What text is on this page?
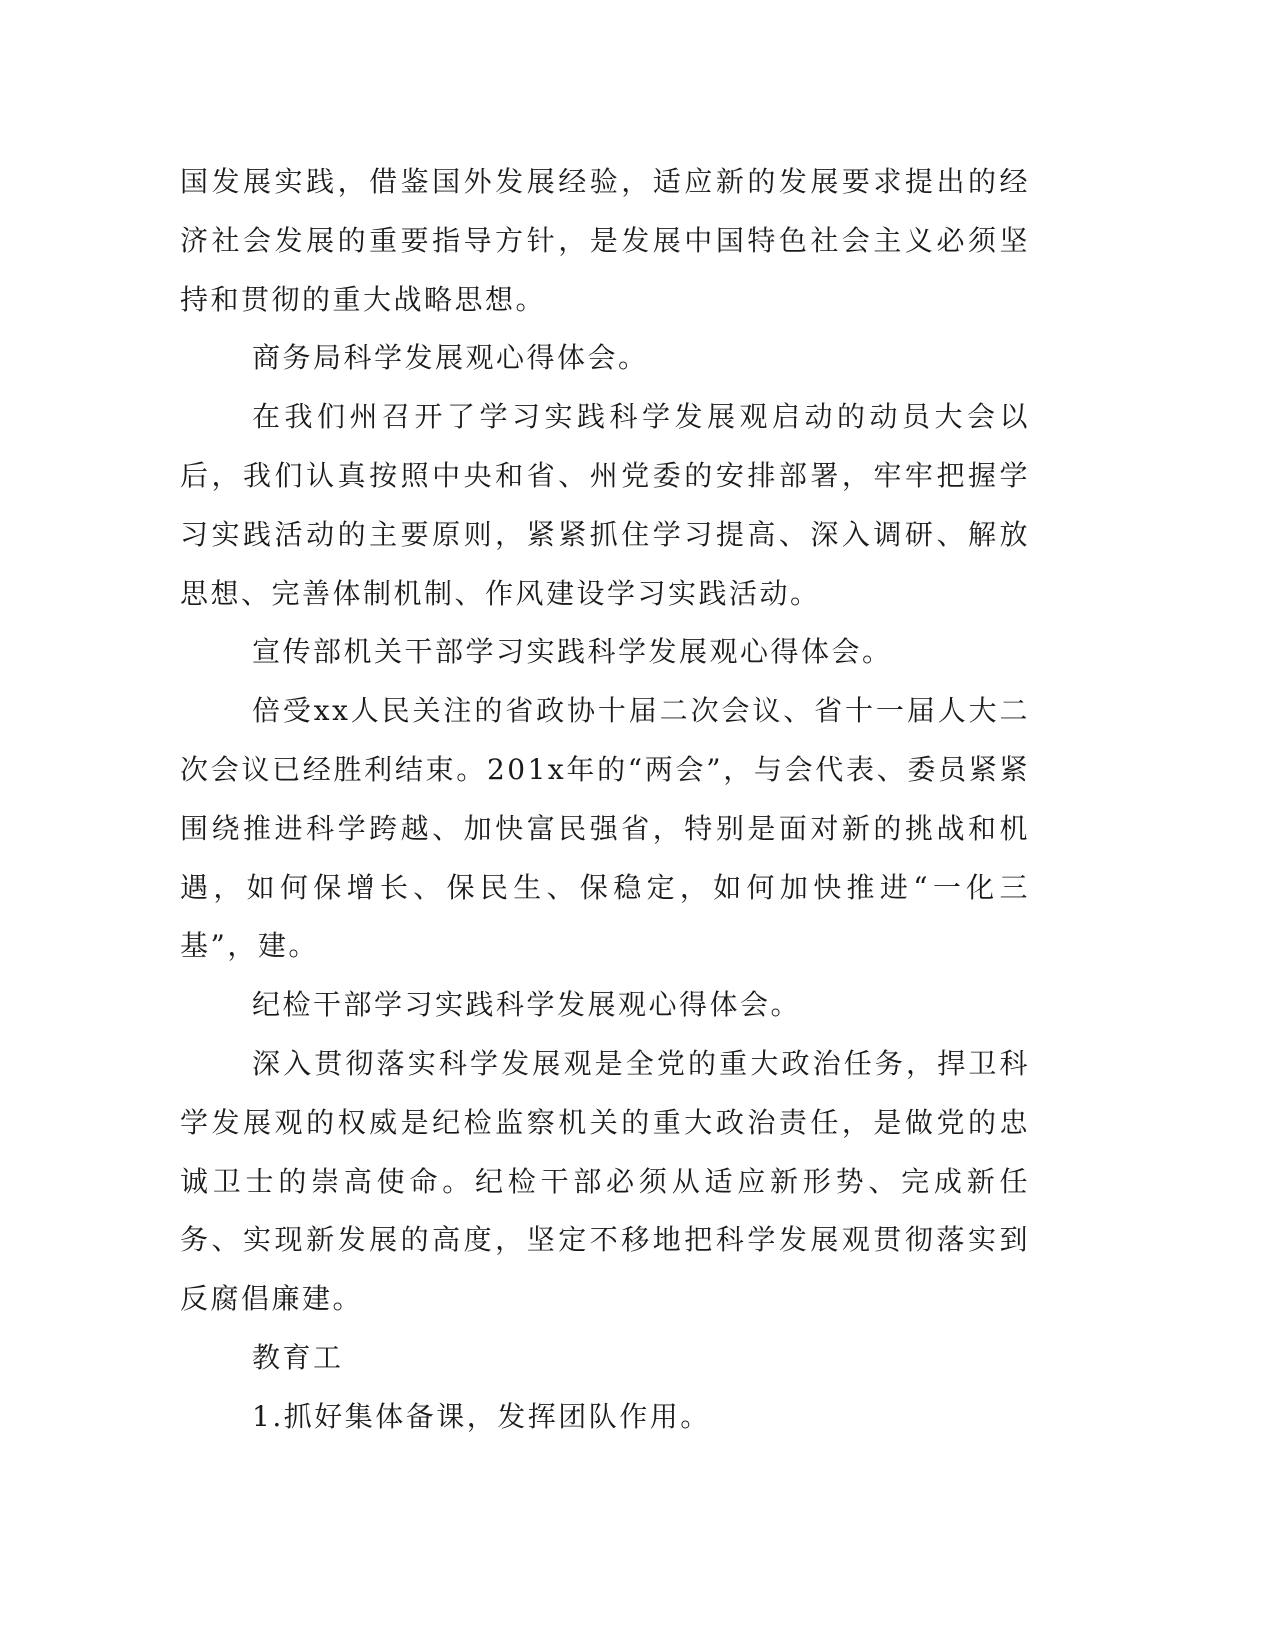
国发展实践，借鉴国外发展经验，适应新的发展要求提出的经济社会发展的重要指导方针，是发展中国特色社会主义必须坚持和贯彻的重大战略思想。

商务局科学发展观心得体会。

在我们州召开了学习实践科学发展观启动的动员大会以后，我们认真按照中央和省、州党委的安排部署，牢牢把握学习实践活动的主要原则，紧紧抓住学习提高、深入调研、解放思想、完善体制机制、作风建设学习实践活动。

宣传部机关干部学习实践科学发展观心得体会。

倍受xx人民关注的省政协十届二次会议、省十一届人大二次会议已经胜利结束。201x年的“两会”，与会代表、委员紧紧围绕推进科学跨越、加快富民强省，特别是面对新的挑战和机遇，如何保增长、保民生、保稳定，如何加快推进“一化三基”，建。

纪检干部学习实践科学发展观心得体会。

深入贯彻落实科学发展观是全党的重大政治任务，捍卫科学发展观的权威是纪检监察机关的重大政治责任，是做党的忠诚卫士的崇高使命。纪检干部必须从适应新形势、完成新任务、实现新发展的高度，坚定不移地把科学发展观贯彻落实到反腐倡廉建。

教育工

1.抓好集体备课，发挥团队作用。
